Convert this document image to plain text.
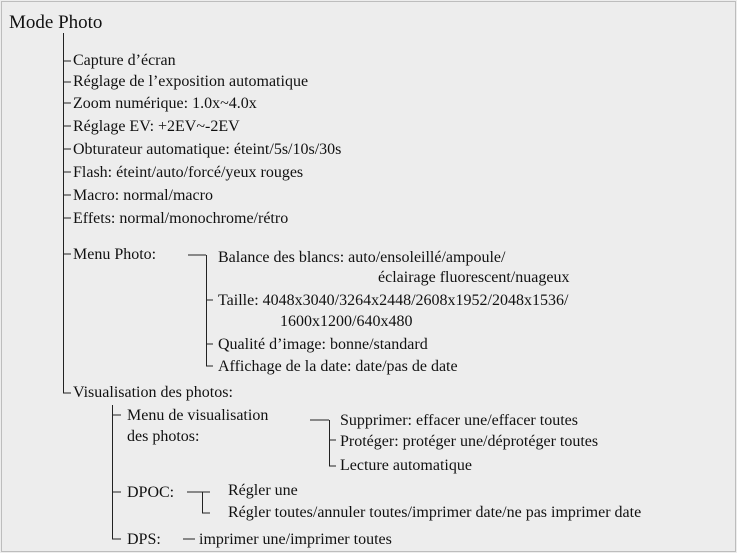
Mode Photo
Capture d’écran
Réglage de l’exposition automatique
Zoom numérique: 1.0x~4.0x
Réglage EV: +2EV~-2EV
Obturateur automatique: éteint/5s/10s/30s
Flash: éteint/auto/forcé/yeux rouges
Macro: normal/macro
Effets: normal/monochrome/rétro
Menu Photo:	Balance des blancs: auto/ensoleillé/ampoule/
éclairage fluorescent/nuageux
Taille: 4048x3040/3264x2448/2608x1952/2048x1536/
1600x1200/640x480
Qualité d’image: bonne/standard
Affichage de la date: date/pas de date
Visualisation des photos:
Menu de visualisation
des photos:
Supprimer: effacer une/effacer toutes
Protéger: protéger une/déprotéger toutes
Lecture automatique
DPOC:	Régler une
Régler toutes/annuler toutes/imprimer date/ne pas imprimer date
DPS: imprimer une/imprimer toutes
